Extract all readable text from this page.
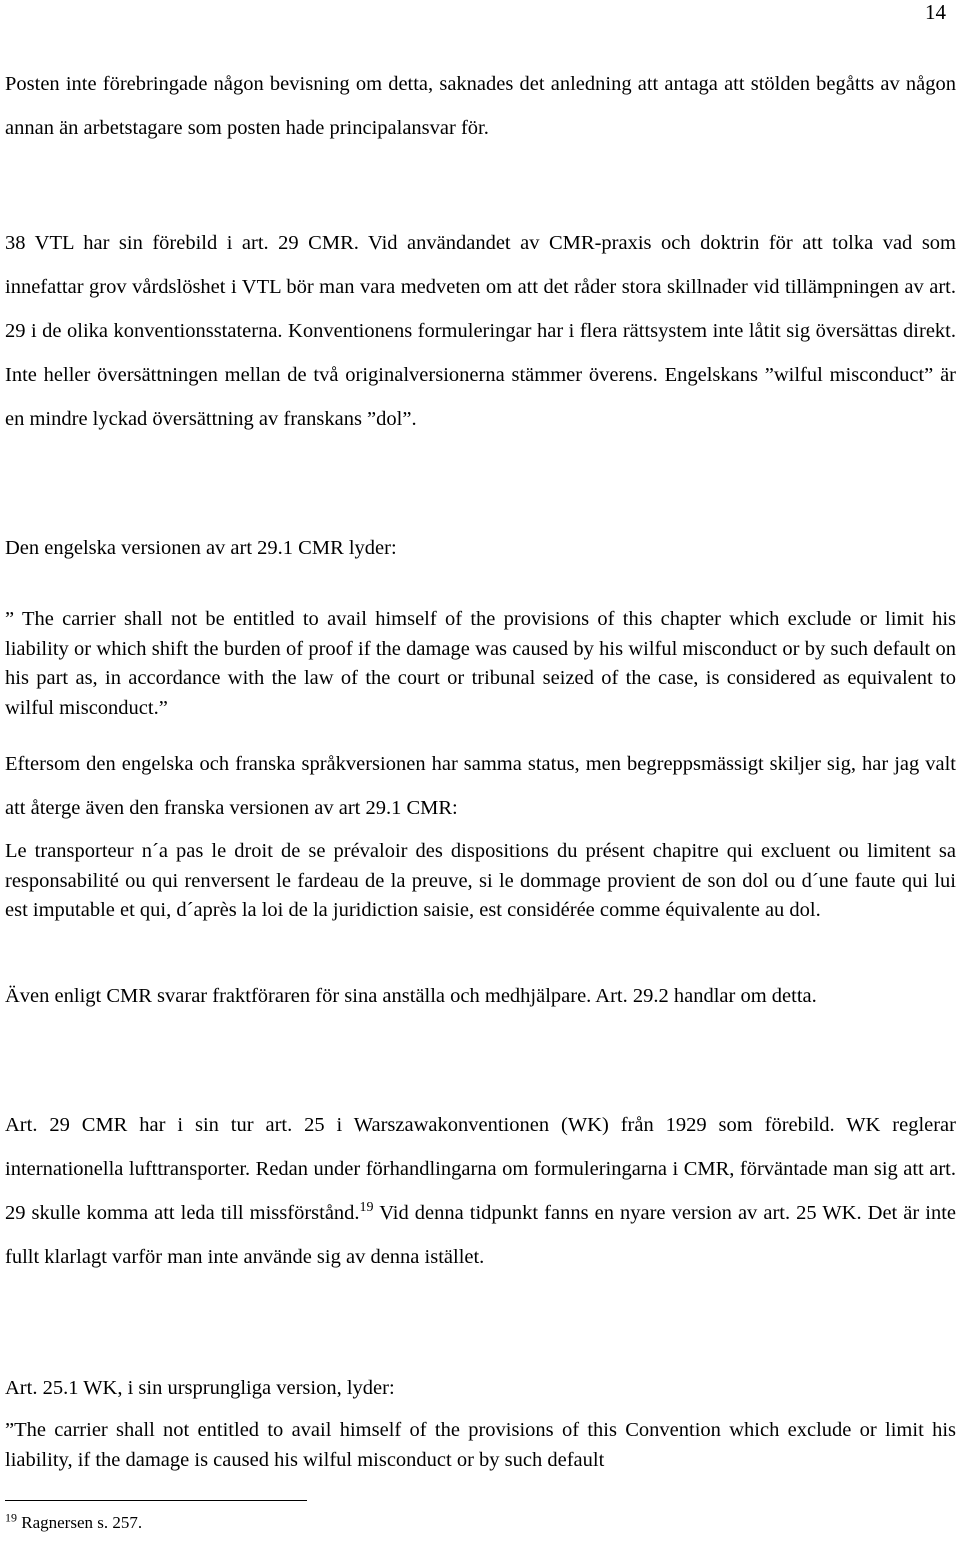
14

Posten inte förebringade någon bevisning om detta, saknades det anledning att antaga att stölden begåtts av någon annan än arbetstagare som posten hade principalansvar för.

38 VTL har sin förebild i art. 29 CMR. Vid användandet av CMR-praxis och doktrin för att tolka vad som innefattar grov vårdslöshet i VTL bör man vara medveten om att det råder stora skillnader vid tillämpningen av art. 29 i de olika konventionsstaterna. Konventionens formuleringar har i flera rättsystem inte låtit sig översättas direkt. Inte heller översättningen mellan de två originalversionerna stämmer överens. Engelskans ”wilful misconduct” är en mindre lyckad översättning av franskans ”dol”.

Den engelska versionen av art 29.1 CMR lyder:

” The carrier shall not be entitled to avail himself of the provisions of this chapter which exclude or limit his liability or which shift the burden of proof if the damage was caused by his wilful misconduct or by such default on his part as, in accordance with the law of the court or tribunal seized of the case, is considered as equivalent to wilful misconduct.”

Eftersom den engelska och franska språkversionen har samma status, men begreppsmässigt skiljer sig, har jag valt att återge även den franska versionen av art 29.1 CMR:

Le transporteur n´a pas le droit de se prévaloir des dispositions du présent chapitre qui excluent ou limitent sa responsabilité ou qui renversent le fardeau de la preuve, si le dommage provient de son dol ou d´une faute qui lui est imputable et qui, d´après la loi de la juridiction saisie, est considérée comme équivalente au dol.

Även enligt CMR svarar fraktföraren för sina anställa och medhjälpare. Art. 29.2 handlar om detta.

Art. 29 CMR har i sin tur art. 25 i Warszawakonventionen (WK) från 1929 som förebild. WK reglerar internationella lufttransporter. Redan under förhandlingarna om formuleringarna i CMR, förväntade man sig att art. 29 skulle komma att leda till missförstånd.$^{19}$ Vid denna tidpunkt fanns en nyare version av art. 25 WK. Det är inte fullt klarlagt varför man inte använde sig av denna istället.

Art. 25.1 WK, i sin ursprungliga version, lyder:

”The carrier shall not entitled to avail himself of the provisions of this Convention which exclude or limit his liability, if the damage is caused his wilful misconduct or by such default

$^{19}$ Ragnersen s. 257.
